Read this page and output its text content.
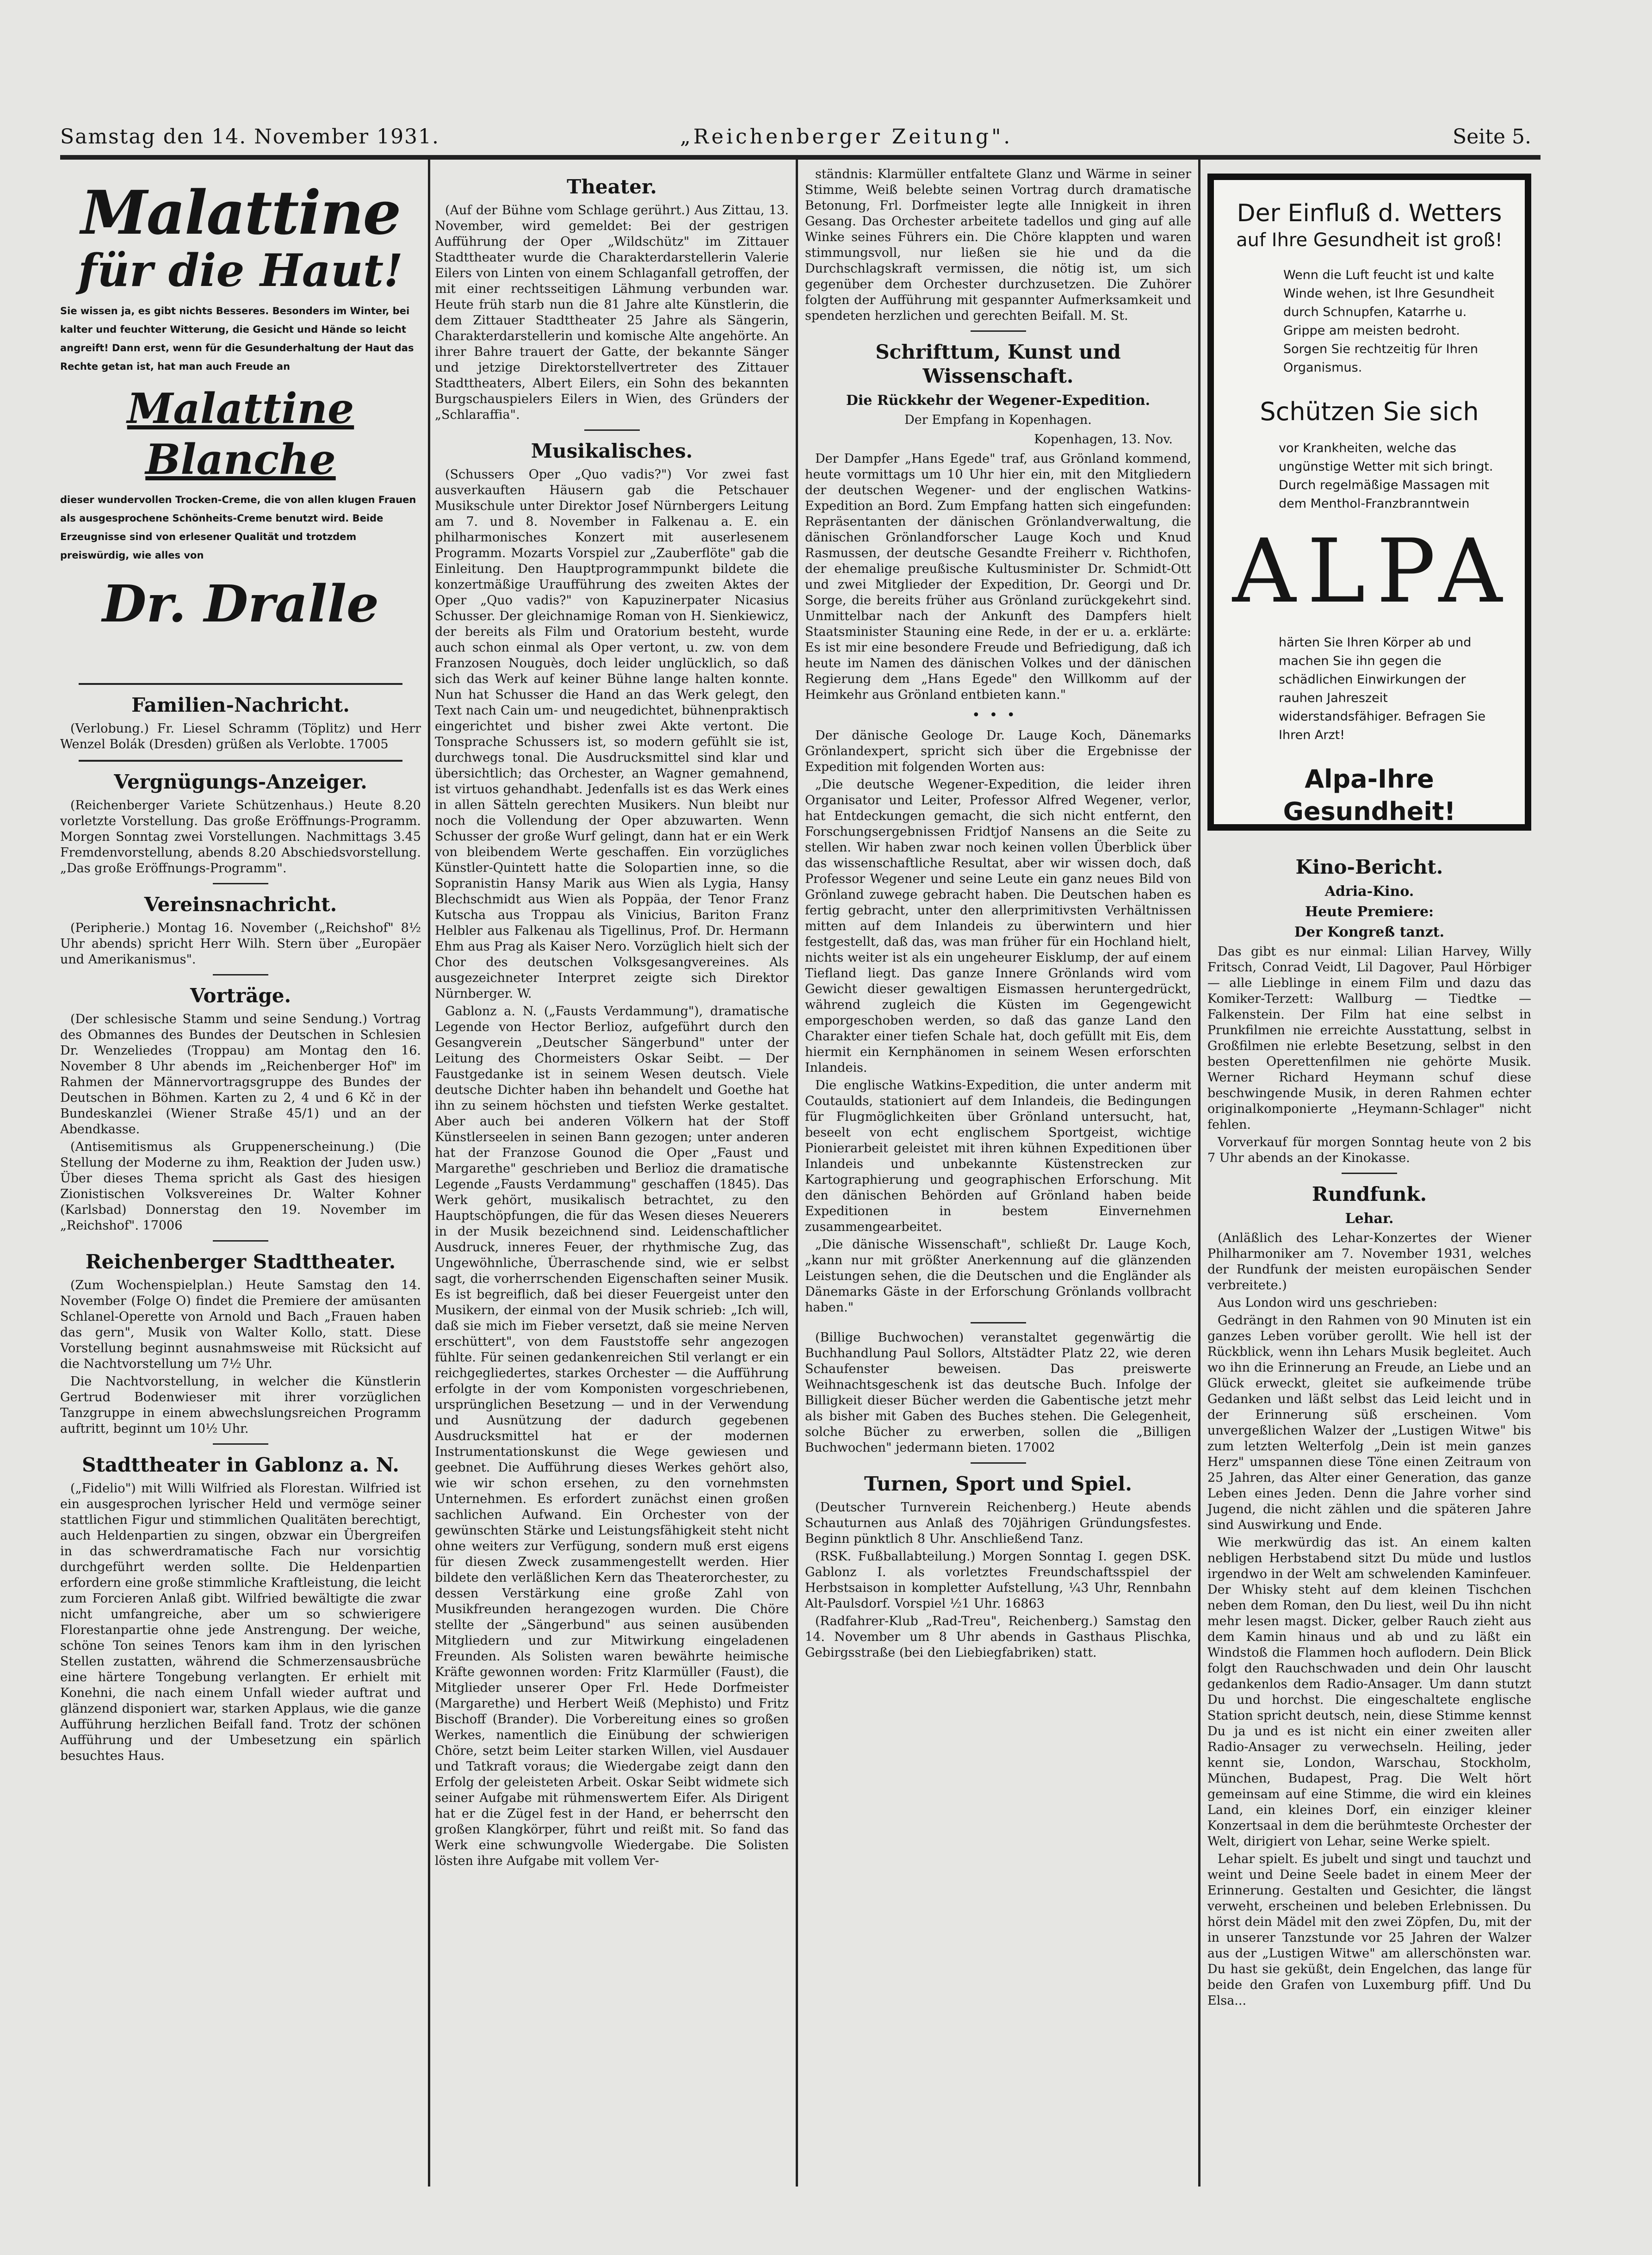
Samstag den 14. November 1931.	„Reichenberger Zeitung".	Seite 5.
Malattine
für die Haut!
Sie wissen ja, es gibt nichts Besseres. Besonders im Winter, bei kalter und feuchter Witterung, die Gesicht und Hände so leicht angreift! Dann erst, wenn für die Gesunderhaltung der Haut das Rechte getan ist, hat man auch Freude an
Malattine Blanche
dieser wundervollen Trocken-Creme, die von allen klugen Frauen als ausgesprochene Schönheits-Creme benutzt wird. Beide Erzeugnisse sind von erlesener Qualität und trotzdem preiswürdig, wie alles von
Dr. Dralle
Familien-Nachricht.

(Verlobung.) Fr. Liesel Schramm (Töplitz) und Herr Wenzel Bolák (Dresden) grüßen als Verlobte. 17005

Vergnügungs-Anzeiger.

(Reichenberger Variete Schützenhaus.) Heute 8.20 vorletzte Vorstellung. Das große Eröffnungs-Programm. Morgen Sonntag zwei Vorstellungen. Nachmittags 3.45 Fremdenvorstellung, abends 8.20 Abschiedsvorstellung. „Das große Eröffnungs-Programm".

Vereinsnachricht.

(Peripherie.) Montag 16. November („Reichshof" 8½ Uhr abends) spricht Herr Wilh. Stern über „Europäer und Amerikanismus".

Vorträge.

(Der schlesische Stamm und seine Sendung.) Vortrag des Obmannes des Bundes der Deutschen in Schlesien Dr. Wenzeliedes (Troppau) am Montag den 16. November 8 Uhr abends im „Reichenberger Hof" im Rahmen der Männervortragsgruppe des Bundes der Deutschen in Böhmen. Karten zu 2, 4 und 6 Kč in der Bundeskanzlei (Wiener Straße 45/1) und an der Abendkasse.

(Antisemitismus als Gruppenerscheinung.) (Die Stellung der Moderne zu ihm, Reaktion der Juden usw.) Über dieses Thema spricht als Gast des hiesigen Zionistischen Volksvereines Dr. Walter Kohner (Karlsbad) Donnerstag den 19. November im „Reichshof". 17006

Reichenberger Stadttheater.

(Zum Wochenspielplan.) Heute Samstag den 14. November (Folge O) findet die Premiere der amüsanten Schlanel-Operette von Arnold und Bach „Frauen haben das gern", Musik von Walter Kollo, statt. Diese Vorstellung beginnt ausnahmsweise mit Rücksicht auf die Nachtvorstellung um 7½ Uhr.

Die Nachtvorstellung, in welcher die Künstlerin Gertrud Bodenwieser mit ihrer vorzüglichen Tanzgruppe in einem abwechslungsreichen Programm auftritt, beginnt um 10½ Uhr.

Stadttheater in Gablonz a. N.

(„Fidelio") mit Willi Wilfried als Florestan. Wilfried ist ein ausgesprochen lyrischer Held und vermöge seiner stattlichen Figur und stimmlichen Qualitäten berechtigt, auch Heldenpartien zu singen, obzwar ein Übergreifen in das schwerdramatische Fach nur vorsichtig durchgeführt werden sollte. Die Heldenpartien erfordern eine große stimmliche Kraftleistung, die leicht zum Forcieren Anlaß gibt. Wilfried bewältigte die zwar nicht umfangreiche, aber um so schwierigere Florestanpartie ohne jede Anstrengung. Der weiche, schöne Ton seines Tenors kam ihm in den lyrischen Stellen zustatten, während die Schmerzensausbrüche eine härtere Tongebung verlangten. Er erhielt mit Konehni, die nach einem Unfall wieder auftrat und glänzend disponiert war, starken Applaus, wie die ganze Aufführung herzlichen Beifall fand. Trotz der schönen Aufführung und der Umbesetzung ein spärlich besuchtes Haus.

Theater.

(Auf der Bühne vom Schlage gerührt.) Aus Zittau, 13. November, wird gemeldet: Bei der gestrigen Aufführung der Oper „Wildschütz" im Zittauer Stadttheater wurde die Charakterdarstellerin Valerie Eilers von Linten von einem Schlaganfall getroffen, der mit einer rechtsseitigen Lähmung verbunden war. Heute früh starb nun die 81 Jahre alte Künstlerin, die dem Zittauer Stadttheater 25 Jahre als Sängerin, Charakterdarstellerin und komische Alte angehörte. An ihrer Bahre trauert der Gatte, der bekannte Sänger und jetzige Direktorstellvertreter des Zittauer Stadttheaters, Albert Eilers, ein Sohn des bekannten Burgschauspielers Eilers in Wien, des Gründers der „Schlaraffia".

Musikalisches.

(Schussers Oper „Quo vadis?") Vor zwei fast ausverkauften Häusern gab die Petschauer Musikschule unter Direktor Josef Nürnbergers Leitung am 7. und 8. November in Falkenau a. E. ein philharmonisches Konzert mit auserlesenem Programm. Mozarts Vorspiel zur „Zauberflöte" gab die Einleitung. Den Hauptprogrammpunkt bildete die konzertmäßige Uraufführung des zweiten Aktes der Oper „Quo vadis?" von Kapuzinerpater Nicasius Schusser. Der gleichnamige Roman von H. Sienkiewicz, der bereits als Film und Oratorium besteht, wurde auch schon einmal als Oper vertont, u. zw. von dem Franzosen Nouguès, doch leider unglücklich, so daß sich das Werk auf keiner Bühne lange halten konnte. Nun hat Schusser die Hand an das Werk gelegt, den Text nach Cain um- und neugedichtet, bühnenpraktisch eingerichtet und bisher zwei Akte vertont. Die Tonsprache Schussers ist, so modern gefühlt sie ist, durchwegs tonal. Die Ausdrucksmittel sind klar und übersichtlich; das Orchester, an Wagner gemahnend, ist virtuos gehandhabt. Jedenfalls ist es das Werk eines in allen Sätteln gerechten Musikers. Nun bleibt nur noch die Vollendung der Oper abzuwarten. Wenn Schusser der große Wurf gelingt, dann hat er ein Werk von bleibendem Werte geschaffen. Ein vorzügliches Künstler-Quintett hatte die Solopartien inne, so die Sopranistin Hansy Marik aus Wien als Lygia, Hansy Blechschmidt aus Wien als Poppäa, der Tenor Franz Kutscha aus Troppau als Vinicius, Bariton Franz Helbler aus Falkenau als Tigellinus, Prof. Dr. Hermann Ehm aus Prag als Kaiser Nero. Vorzüglich hielt sich der Chor des deutschen Volksgesangvereines. Als ausgezeichneter Interpret zeigte sich Direktor Nürnberger. W.

Gablonz a. N. („Fausts Verdammung"), dramatische Legende von Hector Berlioz, aufgeführt durch den Gesangverein „Deutscher Sängerbund" unter der Leitung des Chormeisters Oskar Seibt. — Der Faustgedanke ist in seinem Wesen deutsch. Viele deutsche Dichter haben ihn behandelt und Goethe hat ihn zu seinem höchsten und tiefsten Werke gestaltet. Aber auch bei anderen Völkern hat der Stoff Künstlerseelen in seinen Bann gezogen; unter anderen hat der Franzose Gounod die Oper „Faust und Margarethe" geschrieben und Berlioz die dramatische Legende „Fausts Verdammung" geschaffen (1845). Das Werk gehört, musikalisch betrachtet, zu den Hauptschöpfungen, die für das Wesen dieses Neuerers in der Musik bezeichnend sind. Leidenschaftlicher Ausdruck, inneres Feuer, der rhythmische Zug, das Ungewöhnliche, Überraschende sind, wie er selbst sagt, die vorherrschenden Eigenschaften seiner Musik. Es ist begreiflich, daß bei dieser Feuergeist unter den Musikern, der einmal von der Musik schrieb: „Ich will, daß sie mich im Fieber versetzt, daß sie meine Nerven erschüttert", von dem Fauststoffe sehr angezogen fühlte. Für seinen gedankenreichen Stil verlangt er ein reichgegliedertes, starkes Orchester — die Aufführung erfolgte in der vom Komponisten vorgeschriebenen, ursprünglichen Besetzung — und in der Verwendung und Ausnützung der dadurch gegebenen Ausdrucksmittel hat er der modernen Instrumentationskunst die Wege gewiesen und geebnet. Die Aufführung dieses Werkes gehört also, wie wir schon ersehen, zu den vornehmsten Unternehmen. Es erfordert zunächst einen großen sachlichen Aufwand. Ein Orchester von der gewünschten Stärke und Leistungsfähigkeit steht nicht ohne weiters zur Verfügung, sondern muß erst eigens für diesen Zweck zusammengestellt werden. Hier bildete den verläßlichen Kern das Theaterorchester, zu dessen Verstärkung eine große Zahl von Musikfreunden herangezogen wurden. Die Chöre stellte der „Sängerbund" aus seinen ausübenden Mitgliedern und zur Mitwirkung eingeladenen Freunden. Als Solisten waren bewährte heimische Kräfte gewonnen worden: Fritz Klarmüller (Faust), die Mitglieder unserer Oper Frl. Hede Dorfmeister (Margarethe) und Herbert Weiß (Mephisto) und Fritz Bischoff (Brander). Die Vorbereitung eines so großen Werkes, namentlich die Einübung der schwierigen Chöre, setzt beim Leiter starken Willen, viel Ausdauer und Tatkraft voraus; die Wiedergabe zeigt dann den Erfolg der geleisteten Arbeit. Oskar Seibt widmete sich seiner Aufgabe mit rühmenswertem Eifer. Als Dirigent hat er die Zügel fest in der Hand, er beherrscht den großen Klangkörper, führt und reißt mit. So fand das Werk eine schwungvolle Wiedergabe. Die Solisten lösten ihre Aufgabe mit vollem Ver-

ständnis: Klarmüller entfaltete Glanz und Wärme in seiner Stimme, Weiß belebte seinen Vortrag durch dramatische Betonung, Frl. Dorfmeister legte alle Innigkeit in ihren Gesang. Das Orchester arbeitete tadellos und ging auf alle Winke seines Führers ein. Die Chöre klappten und waren stimmungsvoll, nur ließen sie hie und da die Durchschlagskraft vermissen, die nötig ist, um sich gegenüber dem Orchester durchzusetzen. Die Zuhörer folgten der Aufführung mit gespannter Aufmerksamkeit und spendeten herzlichen und gerechten Beifall. M. St.

Schrifttum, Kunst und Wissenschaft.
Die Rückkehr der Wegener-Expedition.
Der Empfang in Kopenhagen.
Kopenhagen, 13. Nov.

Der Dampfer „Hans Egede" traf, aus Grönland kommend, heute vormittags um 10 Uhr hier ein, mit den Mitgliedern der deutschen Wegener- und der englischen Watkins-Expedition an Bord. Zum Empfang hatten sich eingefunden: Repräsentanten der dänischen Grönlandverwaltung, die dänischen Grönlandforscher Lauge Koch und Knud Rasmussen, der deutsche Gesandte Freiherr v. Richthofen, der ehemalige preußische Kultusminister Dr. Schmidt-Ott und zwei Mitglieder der Expedition, Dr. Georgi und Dr. Sorge, die bereits früher aus Grönland zurückgekehrt sind. Unmittelbar nach der Ankunft des Dampfers hielt Staatsminister Stauning eine Rede, in der er u. a. erklärte: Es ist mir eine besondere Freude und Befriedigung, daß ich heute im Namen des dänischen Volkes und der dänischen Regierung dem „Hans Egede" den Willkomm auf der Heimkehr aus Grönland entbieten kann."

•••

Der dänische Geologe Dr. Lauge Koch, Dänemarks Grönlandexpert, spricht sich über die Ergebnisse der Expedition mit folgenden Worten aus:

„Die deutsche Wegener-Expedition, die leider ihren Organisator und Leiter, Professor Alfred Wegener, verlor, hat Entdeckungen gemacht, die sich nicht entfernt, den Forschungsergebnissen Fridtjof Nansens an die Seite zu stellen. Wir haben zwar noch keinen vollen Überblick über das wissenschaftliche Resultat, aber wir wissen doch, daß Professor Wegener und seine Leute ein ganz neues Bild von Grönland zuwege gebracht haben. Die Deutschen haben es fertig gebracht, unter den allerprimitivsten Verhältnissen mitten auf dem Inlandeis zu überwintern und hier festgestellt, daß das, was man früher für ein Hochland hielt, nichts weiter ist als ein ungeheurer Eisklump, der auf einem Tiefland liegt. Das ganze Innere Grönlands wird vom Gewicht dieser gewaltigen Eismassen heruntergedrückt, während zugleich die Küsten im Gegengewicht emporgeschoben werden, so daß das ganze Land den Charakter einer tiefen Schale hat, doch gefüllt mit Eis, dem hiermit ein Kernphänomen in seinem Wesen erforschten Inlandeis.

Die englische Watkins-Expedition, die unter anderm mit Coutaulds, stationiert auf dem Inlandeis, die Bedingungen für Flugmöglichkeiten über Grönland untersucht, hat, beseelt von echt englischem Sportgeist, wichtige Pionierarbeit geleistet mit ihren kühnen Expeditionen über Inlandeis und unbekannte Küstenstrecken zur Kartographierung und geographischen Erforschung. Mit den dänischen Behörden auf Grönland haben beide Expeditionen in bestem Einvernehmen zusammengearbeitet.

„Die dänische Wissenschaft", schließt Dr. Lauge Koch, „kann nur mit größter Anerkennung auf die glänzenden Leistungen sehen, die die Deutschen und die Engländer als Dänemarks Gäste in der Erforschung Grönlands vollbracht haben."

(Billige Buchwochen) veranstaltet gegenwärtig die Buchhandlung Paul Sollors, Altstädter Platz 22, wie deren Schaufenster beweisen. Das preiswerte Weihnachtsgeschenk ist das deutsche Buch. Infolge der Billigkeit dieser Bücher werden die Gabentische jetzt mehr als bisher mit Gaben des Buches stehen. Die Gelegenheit, solche Bücher zu erwerben, sollen die „Billigen Buchwochen" jedermann bieten. 17002

Turnen, Sport und Spiel.

(Deutscher Turnverein Reichenberg.) Heute abends Schauturnen aus Anlaß des 70jährigen Gründungsfestes. Beginn pünktlich 8 Uhr. Anschließend Tanz.

(RSK. Fußballabteilung.) Morgen Sonntag I. gegen DSK. Gablonz I. als vorletztes Freundschaftsspiel der Herbstsaison in kompletter Aufstellung, ¼3 Uhr, Rennbahn Alt-Paulsdorf. Vorspiel ½1 Uhr. 16863

(Radfahrer-Klub „Rad-Treu", Reichenberg.) Samstag den 14. November um 8 Uhr abends in Gasthaus Plischka, Gebirgsstraße (bei den Liebiegfabriken) statt.

Der Einfluß d. Wetters
auf Ihre Gesundheit ist groß!
Wenn die Luft feucht ist und kalte Winde wehen, ist Ihre Gesundheit durch Schnupfen, Katarrhe u. Grippe am meisten bedroht. Sorgen Sie rechtzeitig für Ihren Organismus.
Schützen Sie sich
vor Krankheiten, welche das ungünstige Wetter mit sich bringt. Durch regelmäßige Massagen mit dem Menthol-Franzbranntwein
ALPA
härten Sie Ihren Körper ab und machen Sie ihn gegen die schädlichen Einwirkungen der rauhen Jahreszeit widerstandsfähiger. Befragen Sie Ihren Arzt!
Alpa-Ihre Gesundheit!
Kino-Bericht.
Adria-Kino.
Heute Premiere:
Der Kongreß tanzt.

Das gibt es nur einmal: Lilian Harvey, Willy Fritsch, Conrad Veidt, Lil Dagover, Paul Hörbiger — alle Lieblinge in einem Film und dazu das Komiker-Terzett: Wallburg — Tiedtke — Falkenstein. Der Film hat eine selbst in Prunkfilmen nie erreichte Ausstattung, selbst in Großfilmen nie erlebte Besetzung, selbst in den besten Operettenfilmen nie gehörte Musik. Werner Richard Heymann schuf diese beschwingende Musik, in deren Rahmen echter originalkomponierte „Heymann-Schlager" nicht fehlen.

Vorverkauf für morgen Sonntag heute von 2 bis 7 Uhr abends an der Kinokasse.

Rundfunk.
Lehar.

(Anläßlich des Lehar-Konzertes der Wiener Philharmoniker am 7. November 1931, welches der Rundfunk der meisten europäischen Sender verbreitete.)

Aus London wird uns geschrieben:

Gedrängt in den Rahmen von 90 Minuten ist ein ganzes Leben vorüber gerollt. Wie hell ist der Rückblick, wenn ihn Lehars Musik begleitet. Auch wo ihn die Erinnerung an Freude, an Liebe und an Glück erweckt, gleitet sie aufkeimende trübe Gedanken und läßt selbst das Leid leicht und in der Erinnerung süß erscheinen. Vom unvergeßlichen Walzer der „Lustigen Witwe" bis zum letzten Welterfolg „Dein ist mein ganzes Herz" umspannen diese Töne einen Zeitraum von 25 Jahren, das Alter einer Generation, das ganze Leben eines Jeden. Denn die Jahre vorher sind Jugend, die nicht zählen und die späteren Jahre sind Auswirkung und Ende.

Wie merkwürdig das ist. An einem kalten nebligen Herbstabend sitzt Du müde und lustlos irgendwo in der Welt am schwelenden Kaminfeuer. Der Whisky steht auf dem kleinen Tischchen neben dem Roman, den Du liest, weil Du ihn nicht mehr lesen magst. Dicker, gelber Rauch zieht aus dem Kamin hinaus und ab und zu läßt ein Windstoß die Flammen hoch auflodern. Dein Blick folgt den Rauchschwaden und dein Ohr lauscht gedankenlos dem Radio-Ansager. Um dann stutzt Du und horchst. Die eingeschaltete englische Station spricht deutsch, nein, diese Stimme kennst Du ja und es ist nicht ein einer zweiten aller Radio-Ansager zu verwechseln. Heiling, jeder kennt sie, London, Warschau, Stockholm, München, Budapest, Prag. Die Welt hört gemeinsam auf eine Stimme, die wird ein kleines Land, ein kleines Dorf, ein einziger kleiner Konzertsaal in dem die berühmteste Orchester der Welt, dirigiert von Lehar, seine Werke spielt.

Lehar spielt. Es jubelt und singt und tauchzt und weint und Deine Seele badet in einem Meer der Erinnerung. Gestalten und Gesichter, die längst verweht, erscheinen und beleben Erlebnissen. Du hörst dein Mädel mit den zwei Zöpfen, Du, mit der in unserer Tanzstunde vor 25 Jahren der Walzer aus der „Lustigen Witwe" am allerschönsten war. Du hast sie geküßt, dein Engelchen, das lange für beide den Grafen von Luxemburg pfiff. Und Du Elsa...
